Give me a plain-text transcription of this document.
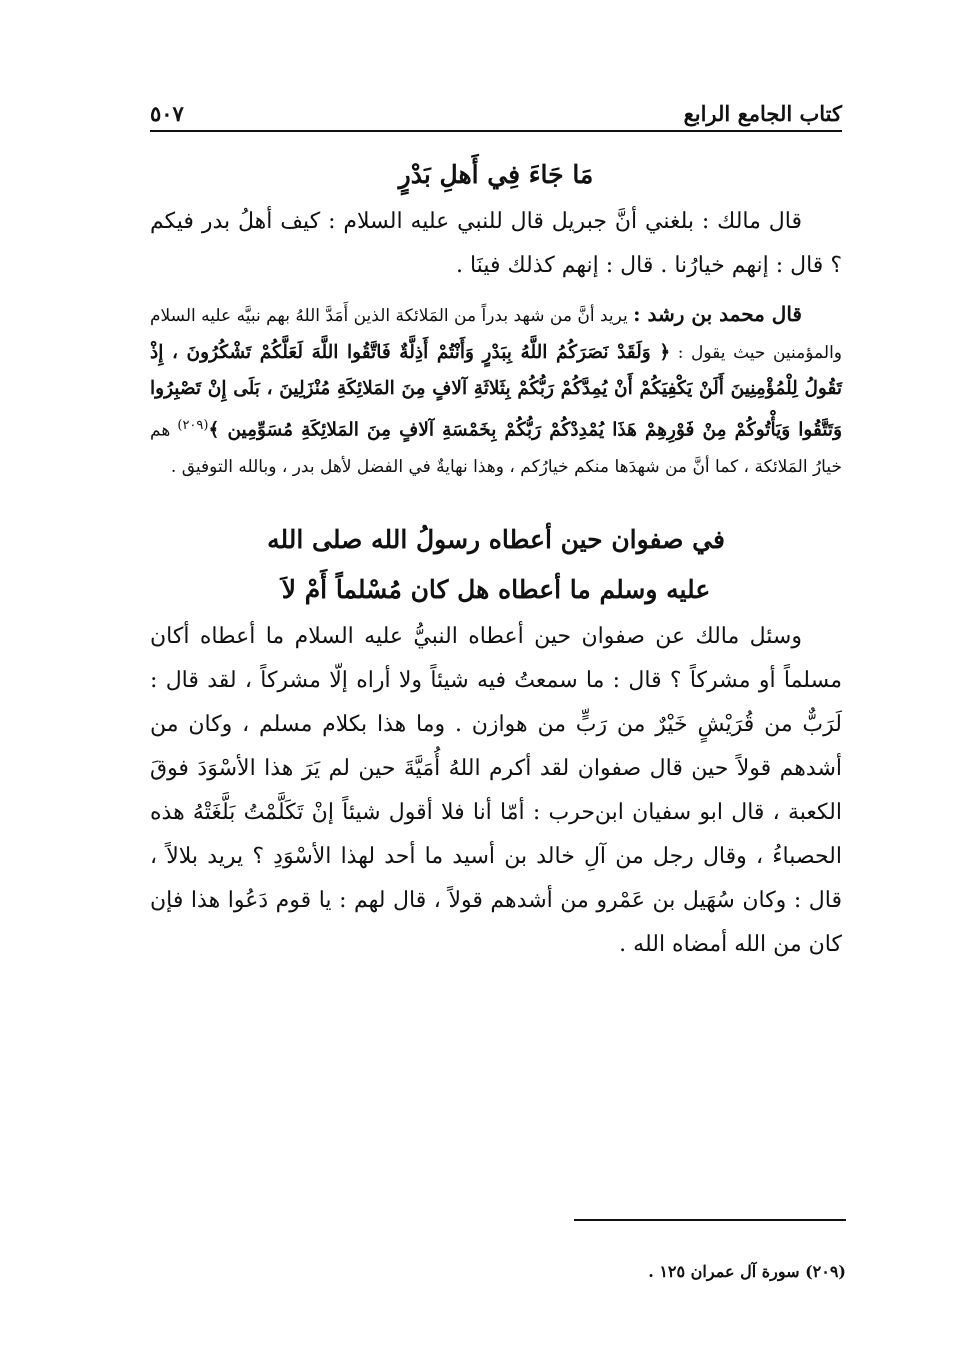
كتاب الجامع الرابع
٥٠٧
مَا جَاءَ فِي أَهلِ بَدْرٍ

قال مالك : بلغني أنَّ جبريل قال للنبي عليه السلام : كيف أهلُ بدر فيكم ؟ قال : إنهم خيارُنا . قال : إنهم كذلك فينَا .

قال محمد بن رشد : يريد أنَّ من شهد بدراً من المَلائكة الذين أَمَدَّ اللهُ بهم نبيَّه عليه السلام والمؤمنين حيث يقول : ﴿ وَلَقَدْ نَصَرَكُمُ اللَّهُ بِبَدْرٍ وَأَنْتُمْ أَذِلَّةٌ فَاتَّقُوا اللَّهَ لَعَلَّكُمْ تَشْكُرُونَ ، إِذْ تَقُولُ لِلْمُؤْمِنِينَ أَلَنْ يَكْفِيَكُمْ أَنْ يُمِدَّكُمْ رَبُّكُمْ بِثَلاثَةِ آلافٍ مِنَ المَلائِكَةِ مُنْزَلِينَ ، بَلَى إِنْ تَصْبِرُوا وَتَتَّقُوا وَيَأْتُوكُمْ مِنْ فَوْرِهِمْ هَذَا يُمْدِدْكُمْ رَبُّكُمْ بِخَمْسَةِ آلافٍ مِنَ المَلائِكَةِ مُسَوِّمِين ﴾$^{(٢٠٩)}$ هم خيارُ المَلائكة ، كما أنَّ من شهدَها منكم خيارُكم ، وهذا نهايةٌ في الفضل لأهل بدر ، وبالله التوفيق .

في صفوان حين أعطاه رسولُ الله صلى الله
عليه وسلم ما أعطاه هل كان مُسْلماً أَمْ لاَ

وسئل مالك عن صفوان حين أعطاه النبيُّ عليه السلام ما أعطاه أكان مسلماً أو مشركاً ؟ قال : ما سمعتُ فيه شيئاً ولا أراه إلّا مشركاً ، لقد قال : لَرَبٌّ من قُرَيْشٍ خَيْرٌ من رَبٍّ من هوازن . وما هذا بكلام مسلم ، وكان من أشدهم قولاً حين قال صفوان لقد أكرم اللهُ أُمَيَّةَ حين لم يَرَ هذا الأسْوَدَ فوقَ الكعبة ، قال ابو سفيان ابن‌حرب : أمّا أنا فلا أقول شيئاً إنْ تَكَلَّمْتُ بَلَّغَتْهُ هذه الحصباءُ ، وقال رجل من آلِ خالد بن أسيد ما أحد لهذا الأسْوَدِ ؟ يريد بلالاً ، قال : وكان سُهَيل بن عَمْرو من أشدهم قولاً ، قال لهم : يا قوم دَعُوا هذا فإن كان من الله أمضاه الله .

(٢٠٩) سورة آل عمران ١٢٥ .
